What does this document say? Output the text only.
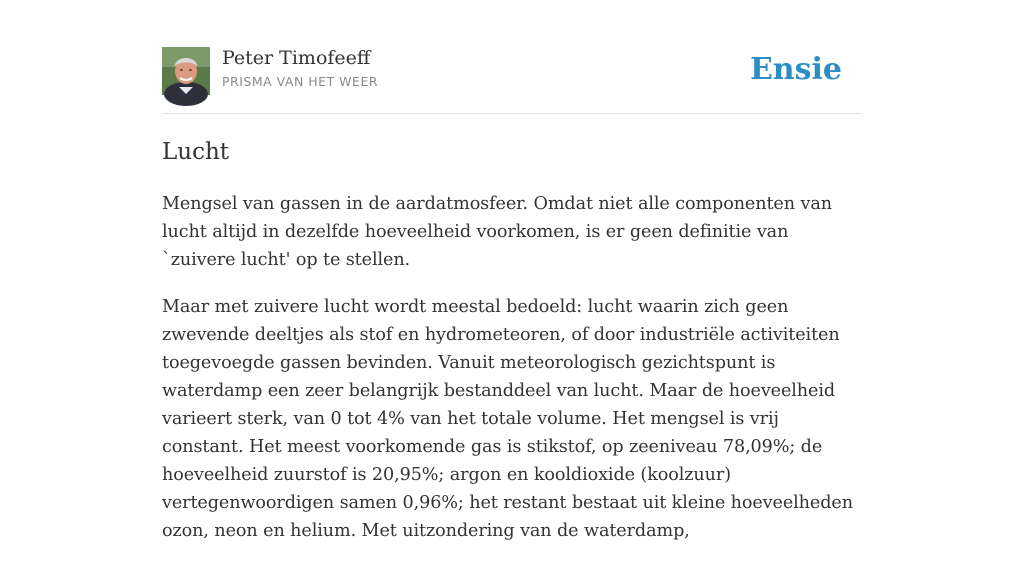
Peter Timofeeff
PRISMA VAN HET WEER	Ensie
Lucht

Mengsel van gassen in de aardatmosfeer. Omdat niet alle componenten van lucht altijd in dezelfde hoeveelheid voorkomen, is er geen definitie van `zuivere lucht' op te stellen.

Maar met zuivere lucht wordt meestal bedoeld: lucht waarin zich geen zwevende deeltjes als stof en hydrometeoren, of door industriële activiteiten toegevoegde gassen bevinden. Vanuit meteorologisch gezichtspunt is waterdamp een zeer belangrijk bestanddeel van lucht. Maar de hoeveelheid varieert sterk, van 0 tot 4% van het totale volume. Het mengsel is vrij constant. Het meest voorkomende gas is stikstof, op zeeniveau 78,09%; de hoeveelheid zuurstof is 20,95%; argon en kooldioxide (koolzuur) vertegenwoordigen samen 0,96%; het restant bestaat uit kleine hoeveelheden ozon, neon en helium. Met uitzondering van de waterdamp,
